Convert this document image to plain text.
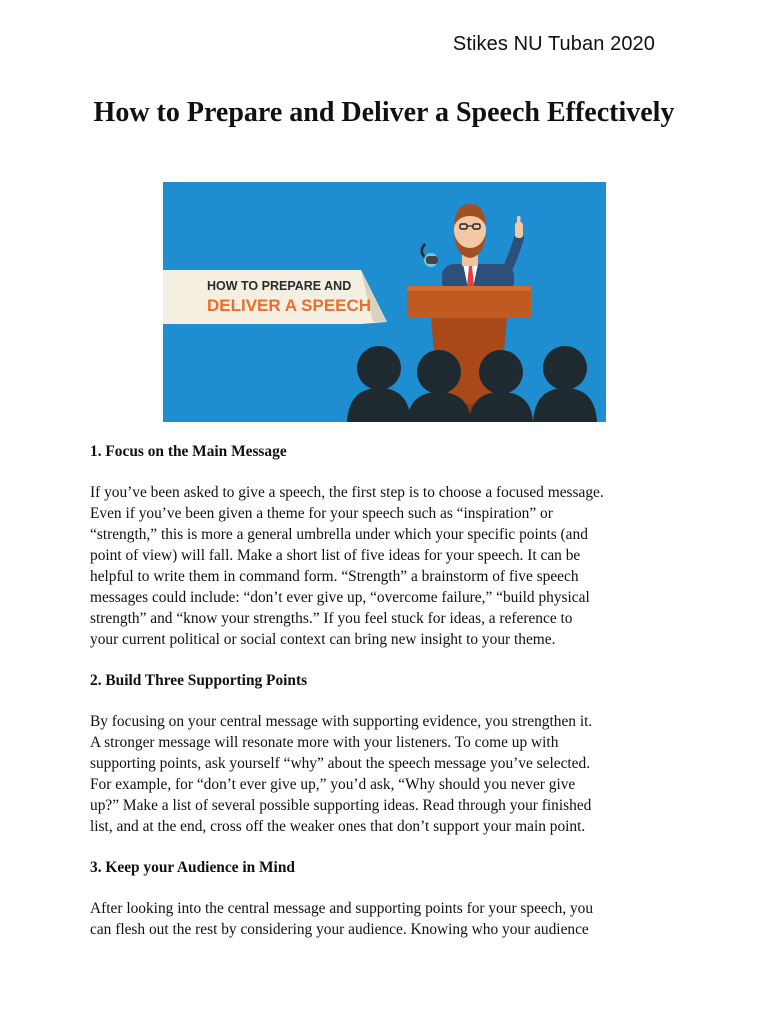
Stikes NU Tuban 2020
How to Prepare and Deliver a Speech Effectively
HOW TO PREPARE AND
DELIVER A SPEECH
1. Focus on the Main Message

If you’ve been asked to give a speech, the first step is to choose a focused message.
Even if you’ve been given a theme for your speech such as “inspiration” or
“strength,” this is more a general umbrella under which your specific points (and
point of view) will fall. Make a short list of five ideas for your speech. It can be
helpful to write them in command form. “Strength” a brainstorm of five speech
messages could include: “don’t ever give up, “overcome failure,” “build physical
strength” and “know your strengths.” If you feel stuck for ideas, a reference to
your current political or social context can bring new insight to your theme.

2. Build Three Supporting Points

By focusing on your central message with supporting evidence, you strengthen it.
A stronger message will resonate more with your listeners. To come up with
supporting points, ask yourself “why” about the speech message you’ve selected.
For example, for “don’t ever give up,” you’d ask, “Why should you never give
up?” Make a list of several possible supporting ideas. Read through your finished
list, and at the end, cross off the weaker ones that don’t support your main point.

3. Keep your Audience in Mind

After looking into the central message and supporting points for your speech, you
can flesh out the rest by considering your audience. Knowing who your audience
